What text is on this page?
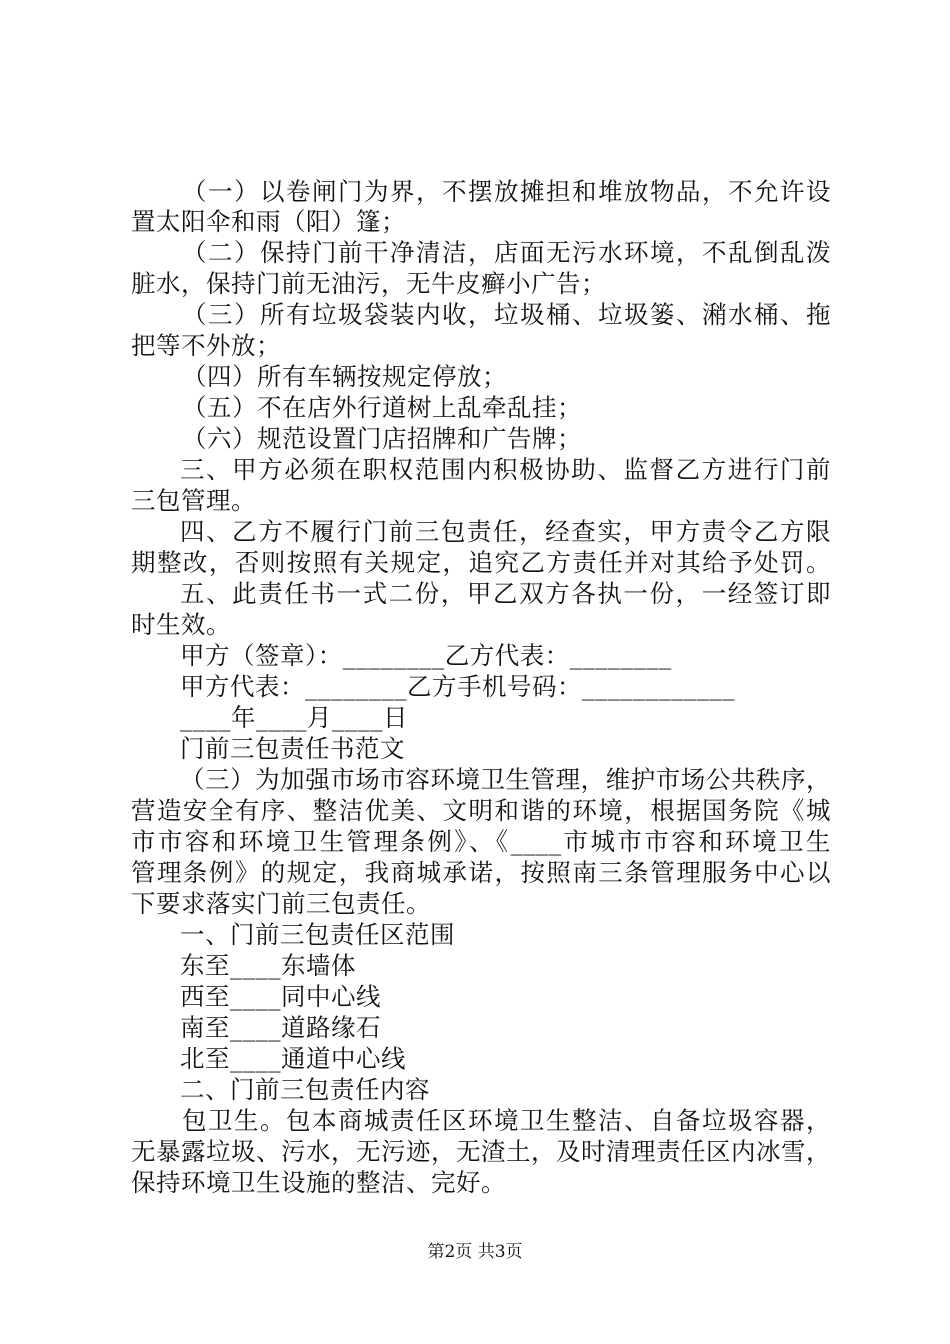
（一）以卷闸门为界，不摆放摊担和堆放物品，不允许设
置太阳伞和雨（阳）篷；
（二）保持门前干净清洁，店面无污水环境，不乱倒乱泼
脏水，保持门前无油污，无牛皮癣小广告；
（三）所有垃圾袋装内收，垃圾桶、垃圾篓、潲水桶、拖
把等不外放；
（四）所有车辆按规定停放；
（五）不在店外行道树上乱牵乱挂；
（六）规范设置门店招牌和广告牌；
三、甲方必须在职权范围内积极协助、监督乙方进行门前
三包管理。
四、乙方不履行门前三包责任，经查实，甲方责令乙方限
期整改，否则按照有关规定，追究乙方责任并对其给予处罚。
五、此责任书一式二份，甲乙双方各执一份，一经签订即
时生效。
甲方（签章）：________乙方代表：________
甲方代表：________乙方手机号码：____________
____年____月____日
门前三包责任书范文
（三）为加强市场市容环境卫生管理，维护市场公共秩序，
营造安全有序、整洁优美、文明和谐的环境，根据国务院《城
市市容和环境卫生管理条例》、《____市城市市容和环境卫生
管理条例》的规定，我商城承诺，按照南三条管理服务中心以
下要求落实门前三包责任。
一、门前三包责任区范围
东至____东墙体
西至____同中心线
南至____道路缘石
北至____通道中心线
二、门前三包责任内容
包卫生。包本商城责任区环境卫生整洁、自备垃圾容器，
无暴露垃圾、污水，无污迹，无渣土，及时清理责任区内冰雪，
保持环境卫生设施的整洁、完好。
第2页 共3页
